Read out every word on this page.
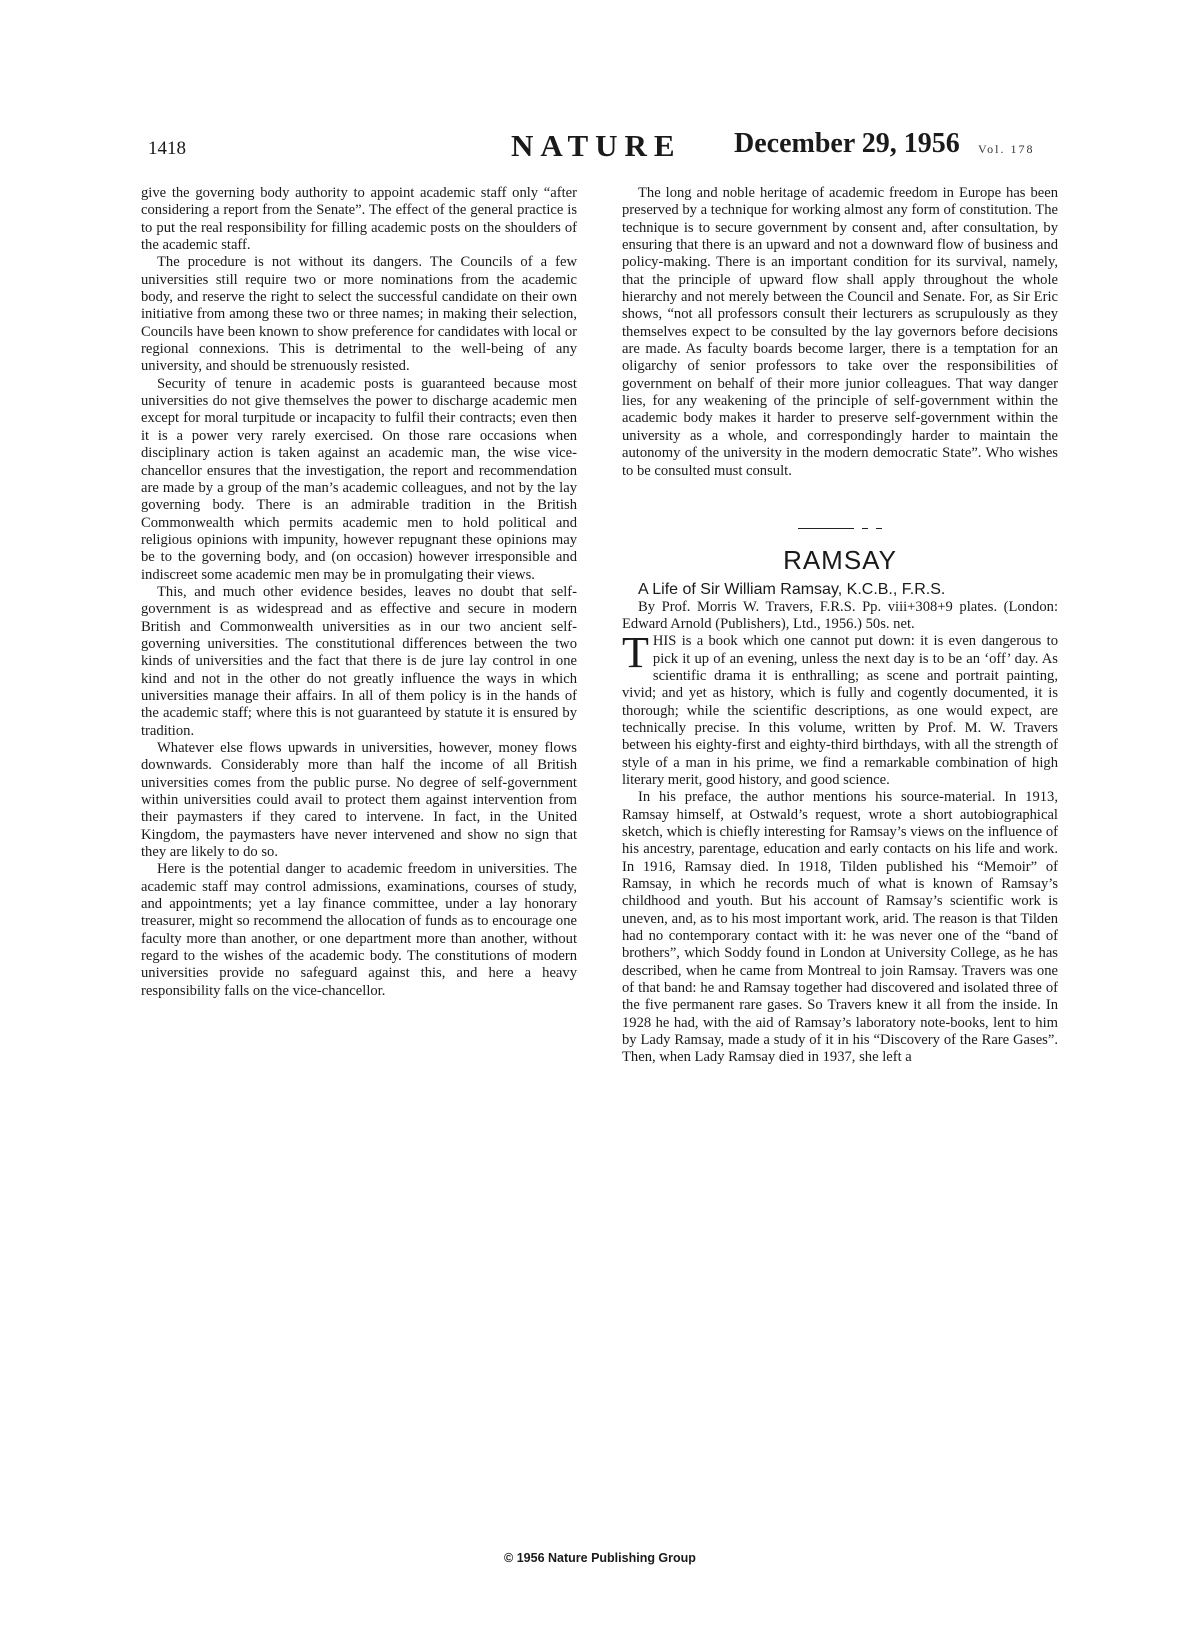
1418	NATURE December 29, 1956 Vol. 178

give the governing body authority to appoint academic staff only “after considering a report from the Senate”. The effect of the general practice is to put the real responsibility for filling academic posts on the shoulders of the academic staff.

The procedure is not without its dangers. The Councils of a few universities still require two or more nominations from the academic body, and reserve the right to select the successful candidate on their own initiative from among these two or three names; in making their selection, Councils have been known to show preference for candidates with local or regional connexions. This is detrimental to the well-being of any university, and should be strenuously resisted.

Security of tenure in academic posts is guaranteed because most universities do not give themselves the power to discharge academic men except for moral turpitude or incapacity to fulfil their contracts; even then it is a power very rarely exercised. On those rare occasions when disciplinary action is taken against an academic man, the wise vice-chancellor ensures that the investigation, the report and recommendation are made by a group of the man’s academic colleagues, and not by the lay governing body. There is an admirable tradition in the British Commonwealth which permits academic men to hold political and religious opinions with impunity, however repugnant these opinions may be to the governing body, and (on occasion) however irresponsible and indiscreet some academic men may be in promulgating their views.

This, and much other evidence besides, leaves no doubt that self-government is as widespread and as effective and secure in modern British and Commonwealth universities as in our two ancient self-governing universities. The constitutional differences between the two kinds of universities and the fact that there is de jure lay control in one kind and not in the other do not greatly influence the ways in which universities manage their affairs. In all of them policy is in the hands of the academic staff; where this is not guaranteed by statute it is ensured by tradition.

Whatever else flows upwards in universities, however, money flows downwards. Considerably more than half the income of all British universities comes from the public purse. No degree of self-government within universities could avail to protect them against intervention from their paymasters if they cared to intervene. In fact, in the United Kingdom, the paymasters have never intervened and show no sign that they are likely to do so.

Here is the potential danger to academic freedom in universities. The academic staff may control admissions, examinations, courses of study, and appointments; yet a lay finance committee, under a lay honorary treasurer, might so recommend the allocation of funds as to encourage one faculty more than another, or one department more than another, without regard to the wishes of the academic body. The constitutions of modern universities provide no safeguard against this, and here a heavy responsibility falls on the vice-chancellor.

The long and noble heritage of academic freedom in Europe has been preserved by a technique for working almost any form of constitution. The technique is to secure government by consent and, after consultation, by ensuring that there is an upward and not a downward flow of business and policy-making. There is an important condition for its survival, namely, that the principle of upward flow shall apply throughout the whole hierarchy and not merely between the Council and Senate. For, as Sir Eric shows, “not all professors consult their lecturers as scrupulously as they themselves expect to be consulted by the lay governors before decisions are made. As faculty boards become larger, there is a temptation for an oligarchy of senior professors to take over the responsibilities of government on behalf of their more junior colleagues. That way danger lies, for any weakening of the principle of self-government within the academic body makes it harder to preserve self-government within the university as a whole, and correspondingly harder to maintain the autonomy of the university in the modern democratic State”. Who wishes to be consulted must consult.

RAMSAY

A Life of Sir William Ramsay, K.C.B., F.R.S.

By Prof. Morris W. Travers, F.R.S. Pp. viii+308+9 plates. (London: Edward Arnold (Publishers), Ltd., 1956.) 50s. net.

THIS is a book which one cannot put down: it is even dangerous to pick it up of an evening, unless the next day is to be an ‘off’ day. As scientific drama it is enthralling; as scene and portrait painting, vivid; and yet as history, which is fully and cogently documented, it is thorough; while the scientific descriptions, as one would expect, are technically precise. In this volume, written by Prof. M. W. Travers between his eighty-first and eighty-third birthdays, with all the strength of style of a man in his prime, we find a remarkable combination of high literary merit, good history, and good science.

In his preface, the author mentions his source-material. In 1913, Ramsay himself, at Ostwald’s request, wrote a short autobiographical sketch, which is chiefly interesting for Ramsay’s views on the influence of his ancestry, parentage, education and early contacts on his life and work. In 1916, Ramsay died. In 1918, Tilden published his “Memoir” of Ramsay, in which he records much of what is known of Ramsay’s childhood and youth. But his account of Ramsay’s scientific work is uneven, and, as to his most important work, arid. The reason is that Tilden had no contemporary contact with it: he was never one of the “band of brothers”, which Soddy found in London at University College, as he has described, when he came from Montreal to join Ramsay. Travers was one of that band: he and Ramsay together had discovered and isolated three of the five permanent rare gases. So Travers knew it all from the inside. In 1928 he had, with the aid of Ramsay’s laboratory note-books, lent to him by Lady Ramsay, made a study of it in his “Discovery of the Rare Gases”. Then, when Lady Ramsay died in 1937, she left a

© 1956 Nature Publishing Group
